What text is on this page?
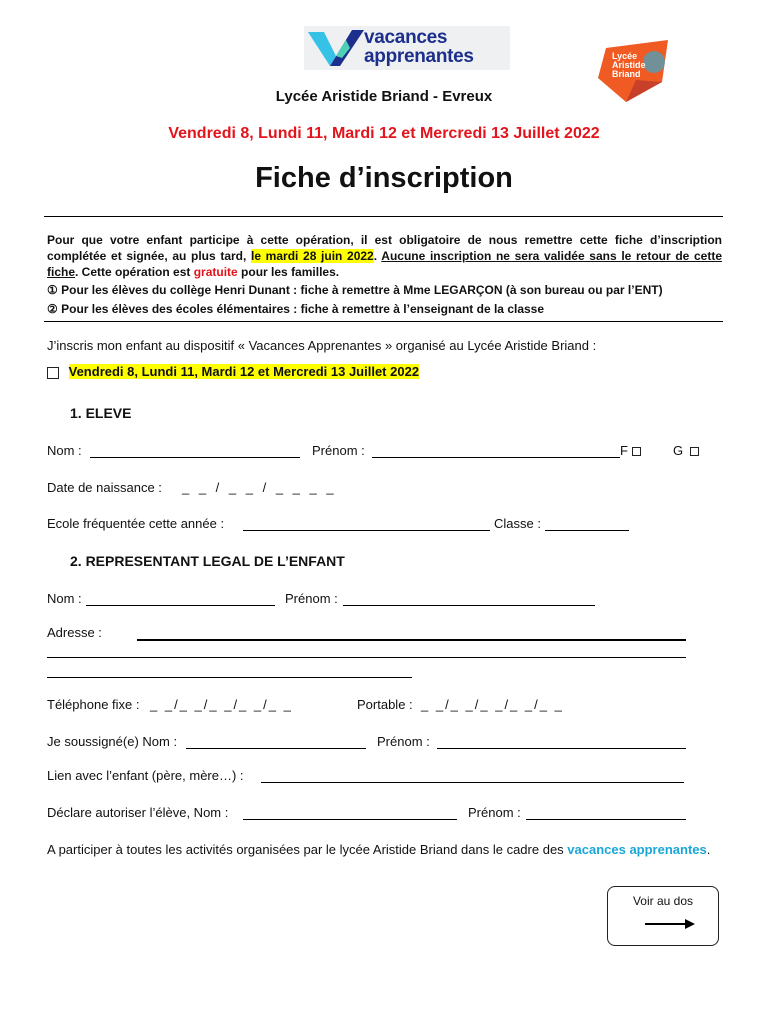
vacances
apprenantes	Lycée
Aristide
Briand
Lycée Aristide Briand - Evreux
Vendredi 8, Lundi 11, Mardi 12 et Mercredi 13 Juillet 2022
Fiche d’inscription
Pour que votre enfant participe à cette opération, il est obligatoire de nous remettre cette fiche d’inscription complétée et signée, au plus tard, le mardi 28 juin 2022. Aucune inscription ne sera validée sans le retour de cette fiche. Cette opération est gratuite pour les familles.
① Pour les élèves du collège Henri Dunant : fiche à remettre à Mme LEGARÇON (à son bureau ou par l’ENT)
② Pour les élèves des écoles élémentaires : fiche à remettre à l’enseignant de la classe
J’inscris mon enfant au dispositif « Vacances Apprenantes » organisé au Lycée Aristide Briand :
Vendredi 8, Lundi 11, Mardi 12 et Mercredi 13 Juillet 2022
1. ELEVE
Nom :	Prénom :	F	G
Date de naissance : _ _ / _ _ / _ _ _ _
Ecole fréquentée cette année :	Classe :
2. REPRESENTANT LEGAL DE L’ENFANT
Nom :	Prénom :
Adresse :
Téléphone fixe : _ _/_ _/_ _/_ _/_ _	Portable : _ _/_ _/_ _/_ _/_ _
Je soussigné(e) Nom :	Prénom :
Lien avec l’enfant (père, mère…) :
Déclare autoriser l’élève, Nom :	Prénom :
A participer à toutes les activités organisées par le lycée Aristide Briand dans le cadre des vacances apprenantes.
Voir au dos
